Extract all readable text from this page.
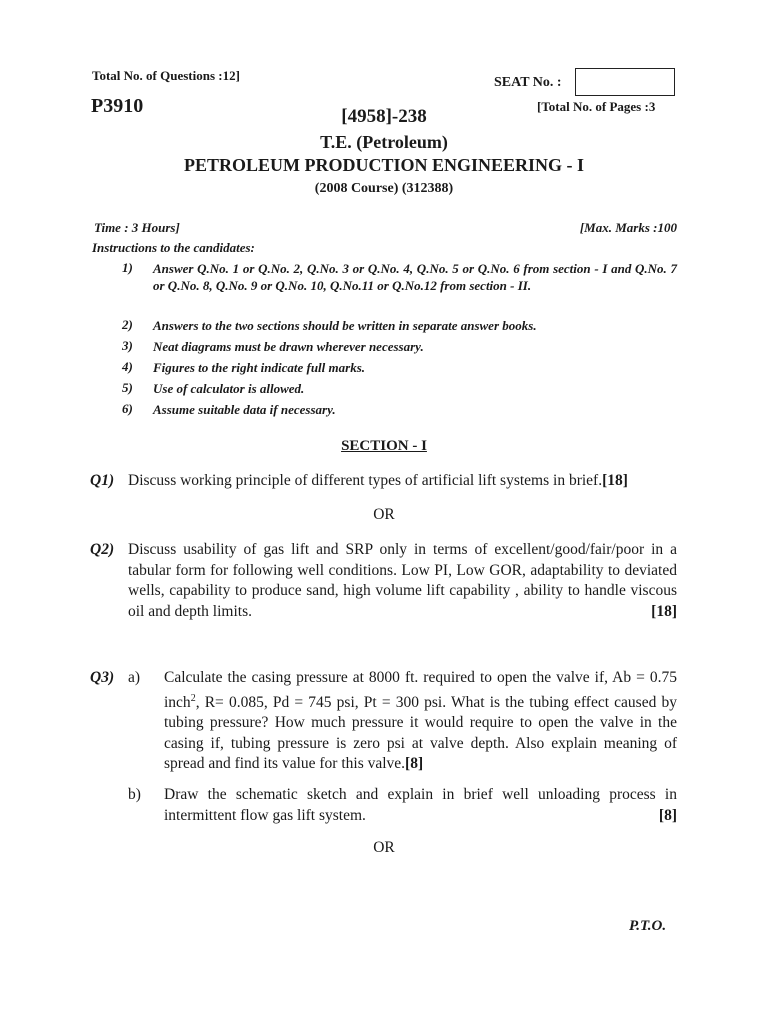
Total No. of Questions :12]	SEAT No. :
P3910	[Total No. of Pages :3
[4958]-238
T.E. (Petroleum)
PETROLEUM PRODUCTION ENGINEERING - I
(2008 Course) (312388)
Time : 3 Hours]	[Max. Marks :100
Instructions to the candidates:
1) Answer Q.No. 1 or Q.No. 2, Q.No. 3 or Q.No. 4, Q.No. 5 or Q.No. 6 from section - I and Q.No. 7 or Q.No. 8, Q.No. 9 or Q.No. 10, Q.No.11 or Q.No.12 from section - II.
2) Answers to the two sections should be written in separate answer books.
3) Neat diagrams must be drawn wherever necessary.
4) Figures to the right indicate full marks.
5) Use of calculator is allowed.
6) Assume suitable data if necessary.
SECTION - I
Q1) Discuss working principle of different types of artificial lift systems in brief.[18]
OR
Q2) Discuss usability of gas lift and SRP only in terms of excellent/good/fair/poor in a tabular form for following well conditions. Low PI, Low GOR, adaptability to deviated wells, capability to produce sand, high volume lift capability , ability to handle viscous oil and depth limits.	[18]
Q3) a) Calculate the casing pressure at 8000 ft. required to open the valve if, Ab = 0.75 inch$^2$, R= 0.085, Pd = 745 psi, Pt = 300 psi. What is the tubing effect caused by tubing pressure? How much pressure it would require to open the valve in the casing if, tubing pressure is zero psi at valve depth. Also explain meaning of spread and find its value for this valve.[8]
b) Draw the schematic sketch and explain in brief well unloading process in intermittent flow gas lift system.	[8]
OR
P.T.O.
